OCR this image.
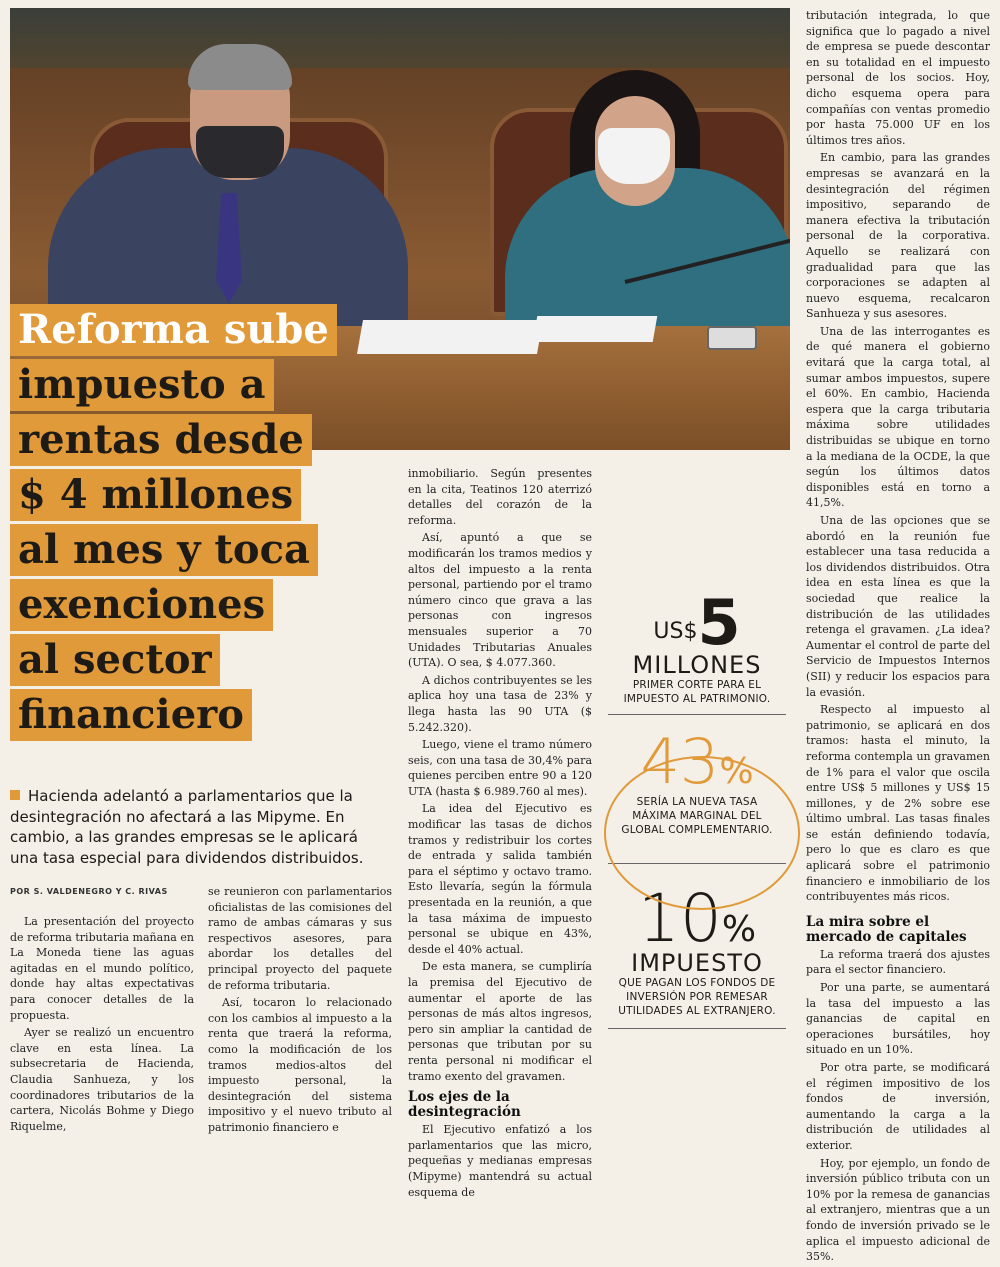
Reforma sube
impuesto a
rentas desde
$ 4 millones
al mes y toca
exenciones
al sector
financiero
Hacienda adelantó a parlamentarios que la desintegración no afectará a las Mipyme. En cambio, a las grandes empresas se le aplicará una tasa especial para dividendos distribuidos.
POR S. VALDENEGRO Y C. RIVAS

La presentación del proyecto de reforma tributaria mañana en La Moneda tiene las aguas agitadas en el mundo político, donde hay altas expectativas para conocer detalles de la propuesta.

Ayer se realizó un encuentro clave en esta línea. La subsecretaria de Hacienda, Claudia Sanhueza, y los coordinadores tributarios de la cartera, Nicolás Bohme y Diego Riquelme,

se reunieron con parlamentarios oficialistas de las comisiones del ramo de ambas cámaras y sus respectivos asesores, para abordar los detalles del principal proyecto del paquete de reforma tributaria.

Así, tocaron lo relacionado con los cambios al impuesto a la renta que traerá la reforma, como la modificación de los tramos medios-altos del impuesto personal, la desintegración del sistema impositivo y el nuevo tributo al patrimonio financiero e

inmobiliario. Según presentes en la cita, Teatinos 120 aterrizó detalles del corazón de la reforma.

Así, apuntó a que se modificarán los tramos medios y altos del impuesto a la renta personal, partiendo por el tramo número cinco que grava a las personas con ingresos mensuales superior a 70 Unidades Tributarias Anuales (UTA). O sea, $ 4.077.360.

A dichos contribuyentes se les aplica hoy una tasa de 23% y llega hasta las 90 UTA ($ 5.242.320).

Luego, viene el tramo número seis, con una tasa de 30,4% para quienes perciben entre 90 a 120 UTA (hasta $ 6.989.760 al mes).

La idea del Ejecutivo es modificar las tasas de dichos tramos y redistribuir los cortes de entrada y salida también para el séptimo y octavo tramo. Esto llevaría, según la fórmula presentada en la reunión, a que la tasa máxima de impuesto personal se ubique en 43%, desde el 40% actual.

De esta manera, se cumpliría la premisa del Ejecutivo de aumentar el aporte de las personas de más altos ingresos, pero sin ampliar la cantidad de personas que tributan por su renta personal ni modificar el tramo exento del gravamen.

Los ejes de la desintegración

El Ejecutivo enfatizó a los parlamentarios que las micro, pequeñas y medianas empresas (Mipyme) mantendrá su actual esquema de

US$5
MILLONES
PRIMER CORTE PARA EL IMPUESTO AL PATRIMONIO.
43%
SERÍA LA NUEVA TASA MÁXIMA MARGINAL DEL GLOBAL COMPLEMENTARIO.
10%
IMPUESTO
QUE PAGAN LOS FONDOS DE INVERSIÓN POR REMESAR UTILIDADES AL EXTRANJERO.

tributación integrada, lo que significa que lo pagado a nivel de empresa se puede descontar en su totalidad en el impuesto personal de los socios. Hoy, dicho esquema opera para compañías con ventas promedio por hasta 75.000 UF en los últimos tres años.

En cambio, para las grandes empresas se avanzará en la desintegración del régimen impositivo, separando de manera efectiva la tributación personal de la corporativa. Aquello se realizará con gradualidad para que las corporaciones se adapten al nuevo esquema, recalcaron Sanhueza y sus asesores.

Una de las interrogantes es de qué manera el gobierno evitará que la carga total, al sumar ambos impuestos, supere el 60%. En cambio, Hacienda espera que la carga tributaria máxima sobre utilidades distribuidas se ubique en torno a la mediana de la OCDE, la que según los últimos datos disponibles está en torno a 41,5%.

Una de las opciones que se abordó en la reunión fue establecer una tasa reducida a los dividendos distribuidos. Otra idea en esta línea es que la sociedad que realice la distribución de las utilidades retenga el gravamen. ¿La idea? Aumentar el control de parte del Servicio de Impuestos Internos (SII) y reducir los espacios para la evasión.

Respecto al impuesto al patrimonio, se aplicará en dos tramos: hasta el minuto, la reforma contempla un gravamen de 1% para el valor que oscila entre US$ 5 millones y US$ 15 millones, y de 2% sobre ese último umbral. Las tasas finales se están definiendo todavía, pero lo que es claro es que aplicará sobre el patrimonio financiero e inmobiliario de los contribuyentes más ricos.

La mira sobre el mercado de capitales

La reforma traerá dos ajustes para el sector financiero.

Por una parte, se aumentará la tasa del impuesto a las ganancias de capital en operaciones bursátiles, hoy situado en un 10%.

Por otra parte, se modificará el régimen impositivo de los fondos de inversión, aumentando la carga a la distribución de utilidades al exterior.

Hoy, por ejemplo, un fondo de inversión público tributa con un 10% por la remesa de ganancias al extranjero, mientras que a un fondo de inversión privado se le aplica el impuesto adicional de 35%.
